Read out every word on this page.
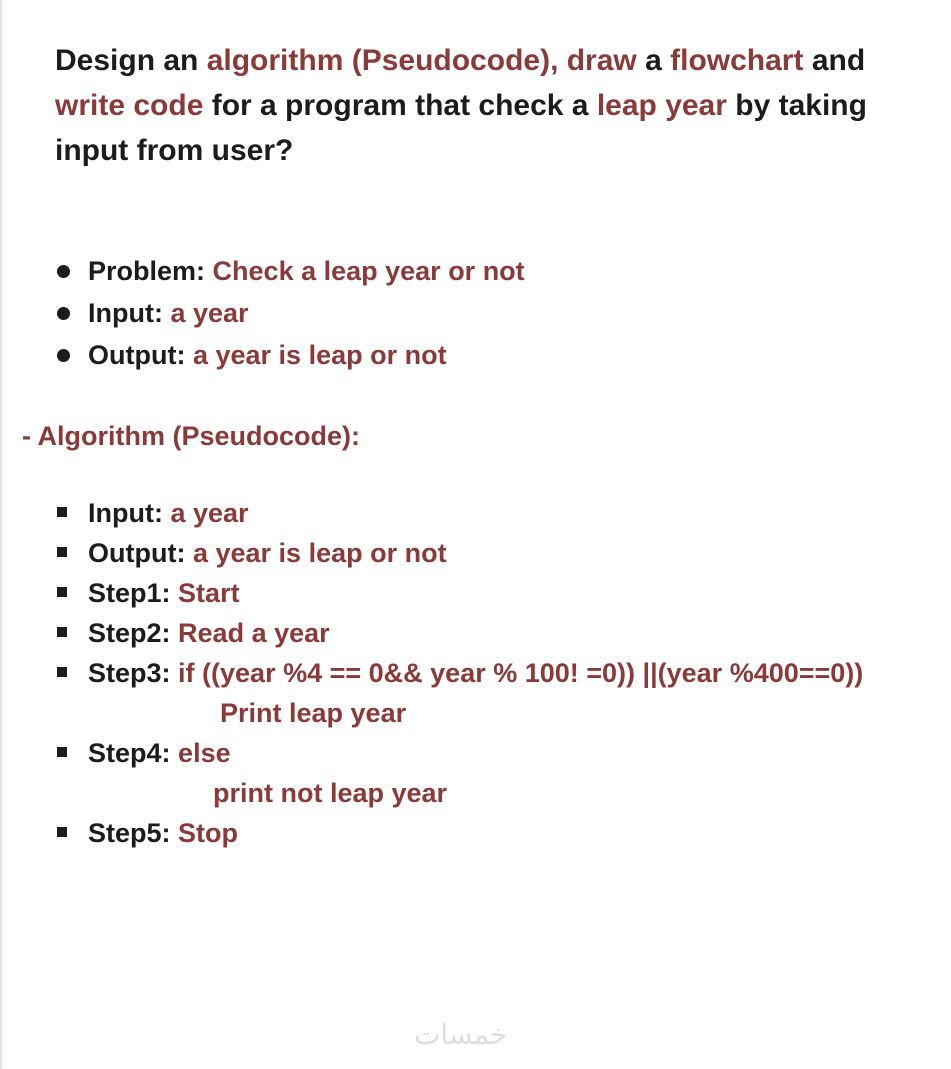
Design an algorithm (Pseudocode), draw a flowchart and write code for a program that check a leap year by taking input from user?

Problem: Check a leap year or not
Input: a year
Output: a year is leap or not
- Algorithm (Pseudocode):
Input: a year
Output: a year is leap or not
Step1: Start
Step2: Read a year
Step3: if ((year %4 == 0&& year % 100! =0)) ||(year %400==0))
Print leap year
Step4: else
print not leap year
Step5: Stop
خمسات
